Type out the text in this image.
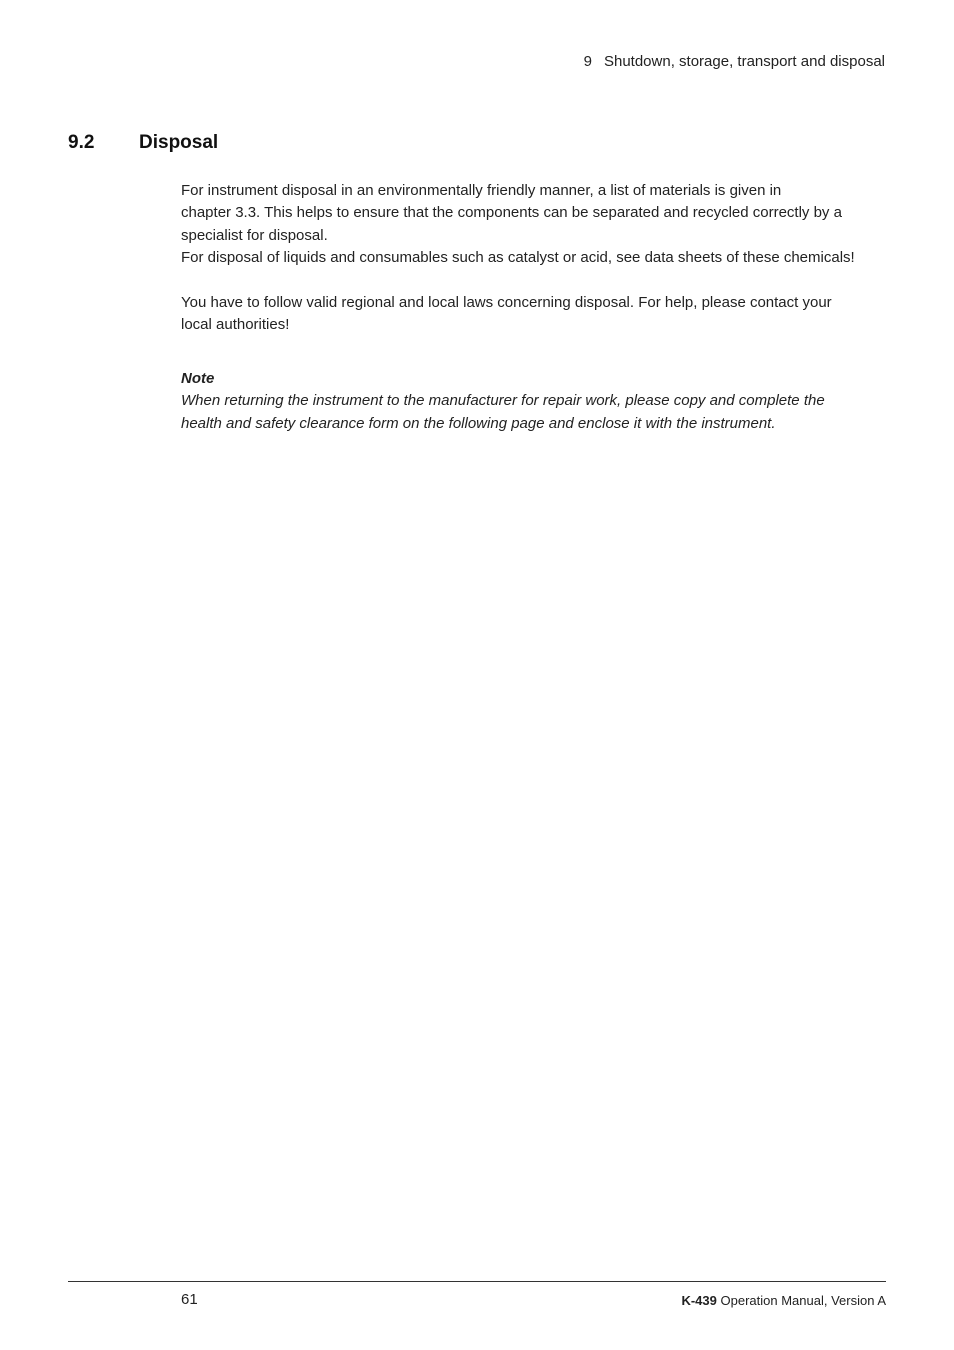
9 Shutdown, storage, transport and disposal
9.2 Disposal

For instrument disposal in an environmentally friendly manner, a list of materials is given in

chapter 3.3. This helps to ensure that the components can be separated and recycled correctly by a

specialist for disposal.

For disposal of liquids and consumables such as catalyst or acid, see data sheets of these chemicals!

You have to follow valid regional and local laws concerning disposal. For help, please contact your

local authorities!

Note

When returning the instrument to the manufacturer for repair work, please copy and complete the

health and safety clearance form on the following page and enclose it with the instrument.

61	K-439 Operation Manual, Version A
